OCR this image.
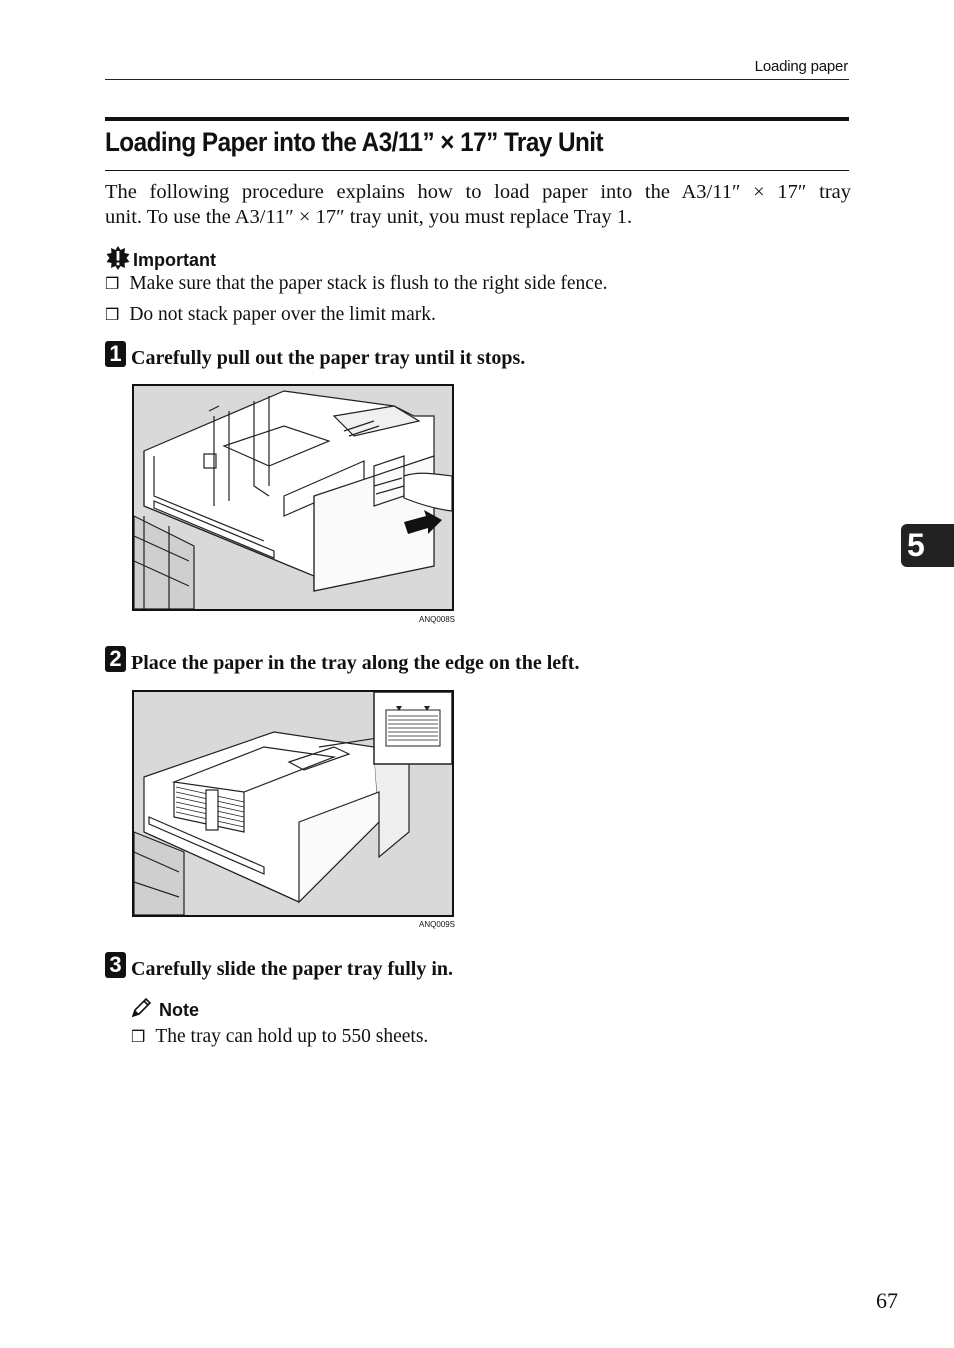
Loading paper
Loading Paper into the A3/11” × 17” Tray Unit
The following procedure explains how to load paper into the A3/11″ × 17″ tray
unit. To use the A3/11″ × 17″ tray unit, you must replace Tray 1.
Important
❒ Make sure that the paper stack is flush to the right side fence.
❒ Do not stack paper over the limit mark.
1 Carefully pull out the paper tray until it stops.
ANQ008S
2 Place the paper in the tray along the edge on the left.
ANQ009S
3 Carefully slide the paper tray fully in.
Note
❒ The tray can hold up to 550 sheets.
5
67
